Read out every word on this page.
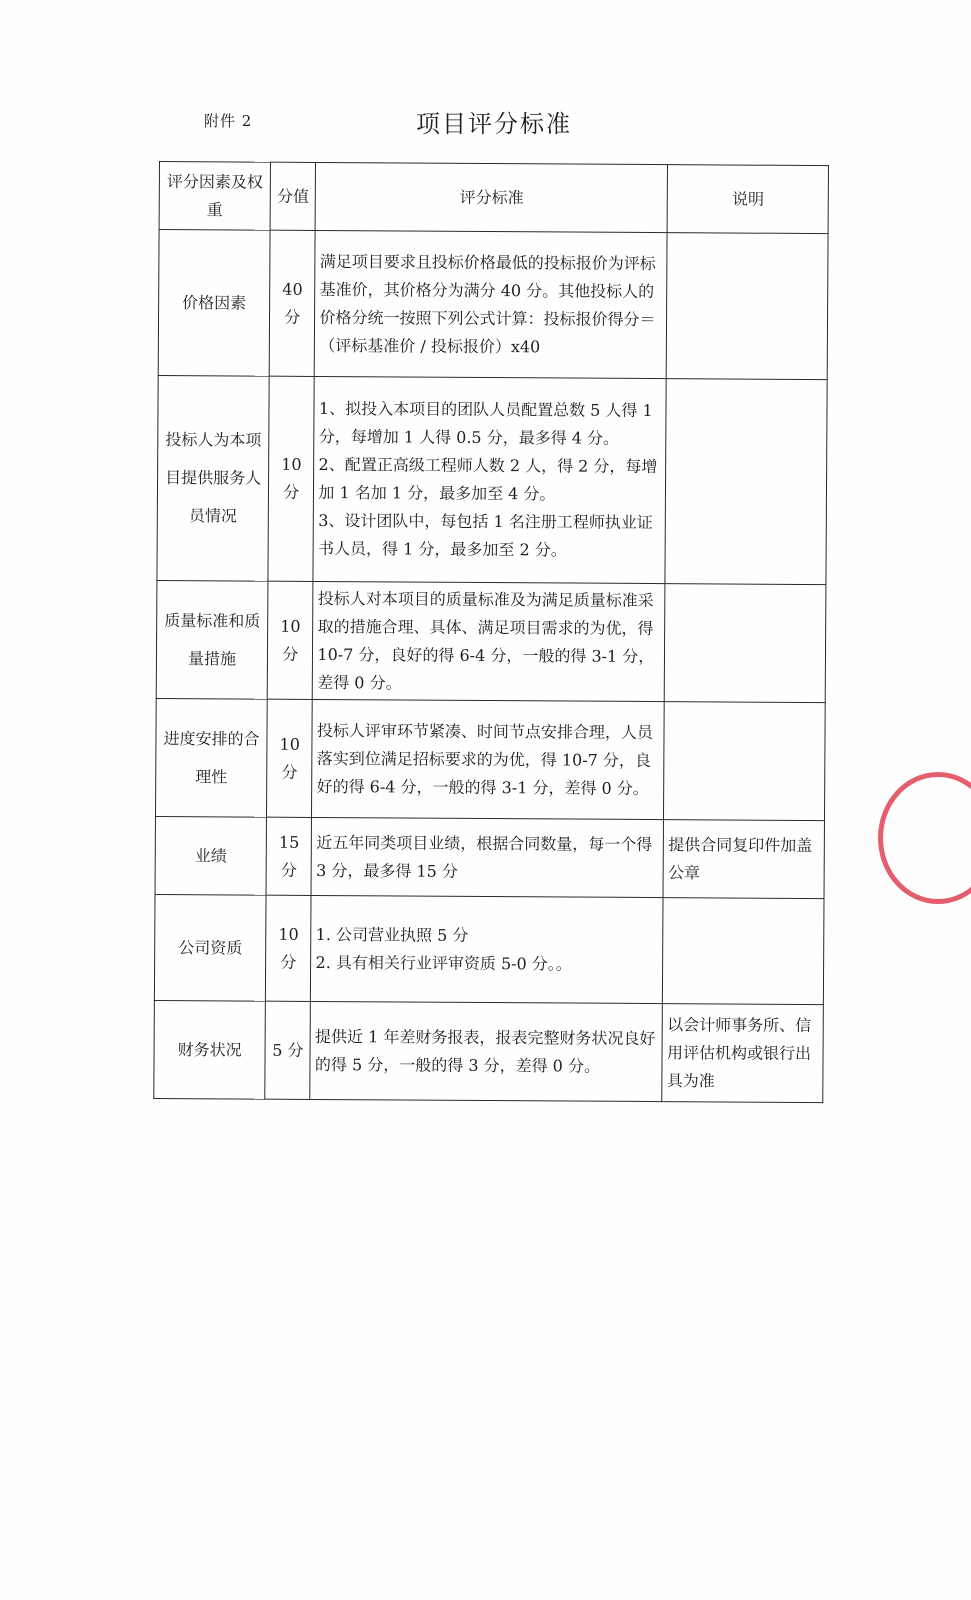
附件 2	项目评分标准
评分因素及权重	分值	评分标准	说明
价格因素	40 分	满足项目要求且投标价格最低的投标报价为评标基准价，其价格分为满分 40 分。其他投标人的价格分统一按照下列公式计算：投标报价得分＝（评标基准价 / 投标报价）x40	

投标人为本项目提供服务人员情况	10 分	1、拟投入本项目的团队人员配置总数 5 人得 1 分，每增加 1 人得 0.5 分，最多得 4 分。
2、配置正高级工程师人数 2 人，得 2 分，每增加 1 名加 1 分，最多加至 4 分。
3、设计团队中，每包括 1 名注册工程师执业证书人员，得 1 分，最多加至 2 分。	

质量标准和质量措施	10 分	投标人对本项目的质量标准及为满足质量标准采取的措施合理、具体、满足项目需求的为优，得 10-7 分，良好的得 6-4 分，一般的得 3-1 分，差得 0 分。	

进度安排的合理性	10 分	投标人评审环节紧凑、时间节点安排合理，人员落实到位满足招标要求的为优，得 10-7 分，良好的得 6-4 分，一般的得 3-1 分，差得 0 分。	

业绩	15 分	近五年同类项目业绩，根据合同数量，每一个得 3 分，最多得 15 分	提供合同复印件加盖公章
公司资质	10 分	1. 公司营业执照 5 分
2. 具有相关行业评审资质 5-0 分。。	

财务状况	5 分	提供近 1 年差财务报表，报表完整财务状况良好的得 5 分，一般的得 3 分，差得 0 分。	以会计师事务所、信用评估机构或银行出具为准
​
